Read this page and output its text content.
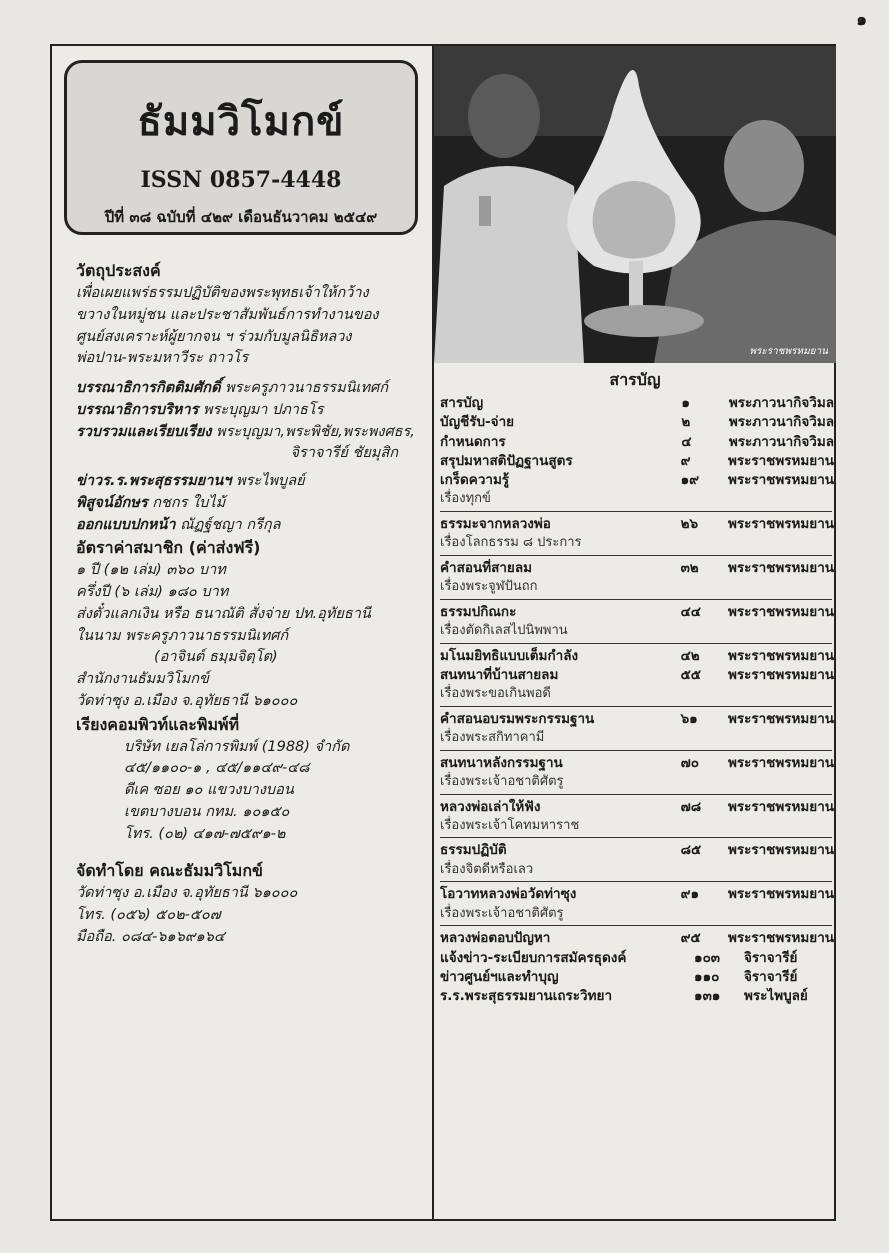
๑
ธัมมวิโมกข์
ISSN 0857-4448
ปีที่ ๓๘ ฉบับที่ ๔๒๙ เดือนธันวาคม ๒๕๔๙

วัตถุประสงค์

เพื่อเผยแพร่ธรรมปฏิบัติของพระพุทธเจ้าให้กว้าง

ขวางในหมู่ชน และประชาสัมพันธ์การทำงานของ

ศูนย์สงเคราะห์ผู้ยากจน ฯ ร่วมกับมูลนิธิหลวง

พ่อปาน-พระมหาวีระ ถาวโร

บรรณาธิการกิตติมศักดิ์ พระครูภาวนาธรรมนิเทศก์

บรรณาธิการบริหาร พระบุญมา ปภาธโร

รวบรวมและเรียบเรียง พระบุญมา,พระพิชัย,พระพงศธร,

จิราจารีย์ ชัยมุสิก

ข่าวร.ร.พระสุธรรมยานฯ พระไพบูลย์

พิสูจน์อักษร กชกร ใบไม้

ออกแบบปกหน้า ณัฏฐ์ชญา กรีกุล

อัตราค่าสมาชิก (ค่าส่งฟรี)

๑ ปี (๑๒ เล่ม) ๓๖๐ บาท

ครึ่งปี (๖ เล่ม) ๑๘๐ บาท

ส่งตั๋วแลกเงิน หรือ ธนาณัติ สั่งจ่าย ปท.อุทัยธานี

ในนาม พระครูภาวนาธรรมนิเทศก์

(อาจินต์ ธมฺมจิตฺโต)

สำนักงานธัมมวิโมกข์

วัดท่าซุง อ.เมือง จ.อุทัยธานี ๖๑๐๐๐

เรียงคอมพิวท์และพิมพ์ที่

บริษัท เยลโล่การพิมพ์ (1988) จำกัด

๔๕/๑๑๐๐-๑ , ๔๕/๑๑๔๙-๔๘

ดีเค ซอย ๑๐ แขวงบางบอน

เขตบางบอน กทม. ๑๐๑๕๐

โทร. (๐๒) ๔๑๗-๗๕๙๑-๒

จัดทำโดย คณะธัมมวิโมกข์

วัดท่าซุง อ.เมือง จ.อุทัยธานี ๖๑๐๐๐

โทร. (๐๕๖) ๕๐๒-๕๐๗

มือถือ. ๐๘๔-๖๑๖๙๑๖๔

พระราชพรหมยาน
สารบัญ
สารบัญ	๑	พระภาวนากิจวิมล
บัญชีรับ-จ่าย	๒	พระภาวนากิจวิมล
กำหนดการ	๔	พระภาวนากิจวิมล
สรุปมหาสติปัฏฐานสูตร	๙	พระราชพรหมยาน
เกร็ดความรู้	๑๙	พระราชพรหมยาน
เรื่องทุกข์
ธรรมะจากหลวงพ่อ	๒๖	พระราชพรหมยาน
เรื่องโลกธรรม ๘ ประการ
คำสอนที่สายลม	๓๒	พระราชพรหมยาน
เรื่องพระจูฬปันถก
ธรรมปกิณกะ	๔๔	พระราชพรหมยาน
เรื่องตัดกิเลสไปนิพพาน
มโนมยิทธิแบบเต็มกำลัง	๔๒	พระราชพรหมยาน
สนทนาที่บ้านสายลม	๕๕	พระราชพรหมยาน
เรื่องพระขอเกินพอดี
คำสอนอบรมพระกรรมฐาน	๖๑	พระราชพรหมยาน
เรื่องพระสกิทาคามี
สนทนาหลังกรรมฐาน	๗๐	พระราชพรหมยาน
เรื่องพระเจ้าอชาติศัตรู
หลวงพ่อเล่าให้ฟัง	๗๘	พระราชพรหมยาน
เรื่องพระเจ้าโคทมหาราช
ธรรมปฏิบัติ	๘๕	พระราชพรหมยาน
เรื่องจิตดีหรือเลว
โอวาทหลวงพ่อวัดท่าซุง	๙๑	พระราชพรหมยาน
เรื่องพระเจ้าอชาติศัตรู
หลวงพ่อตอบปัญหา	๙๕	พระราชพรหมยาน
แจ้งข่าว-ระเบียบการสมัครธุดงค์	๑๐๓	จิราจารีย์
ข่าวศูนย์ฯและทำบุญ	๑๑๐	จิราจารีย์
ร.ร.พระสุธรรมยานเถระวิทยา	๑๓๑	พระไพบูลย์
